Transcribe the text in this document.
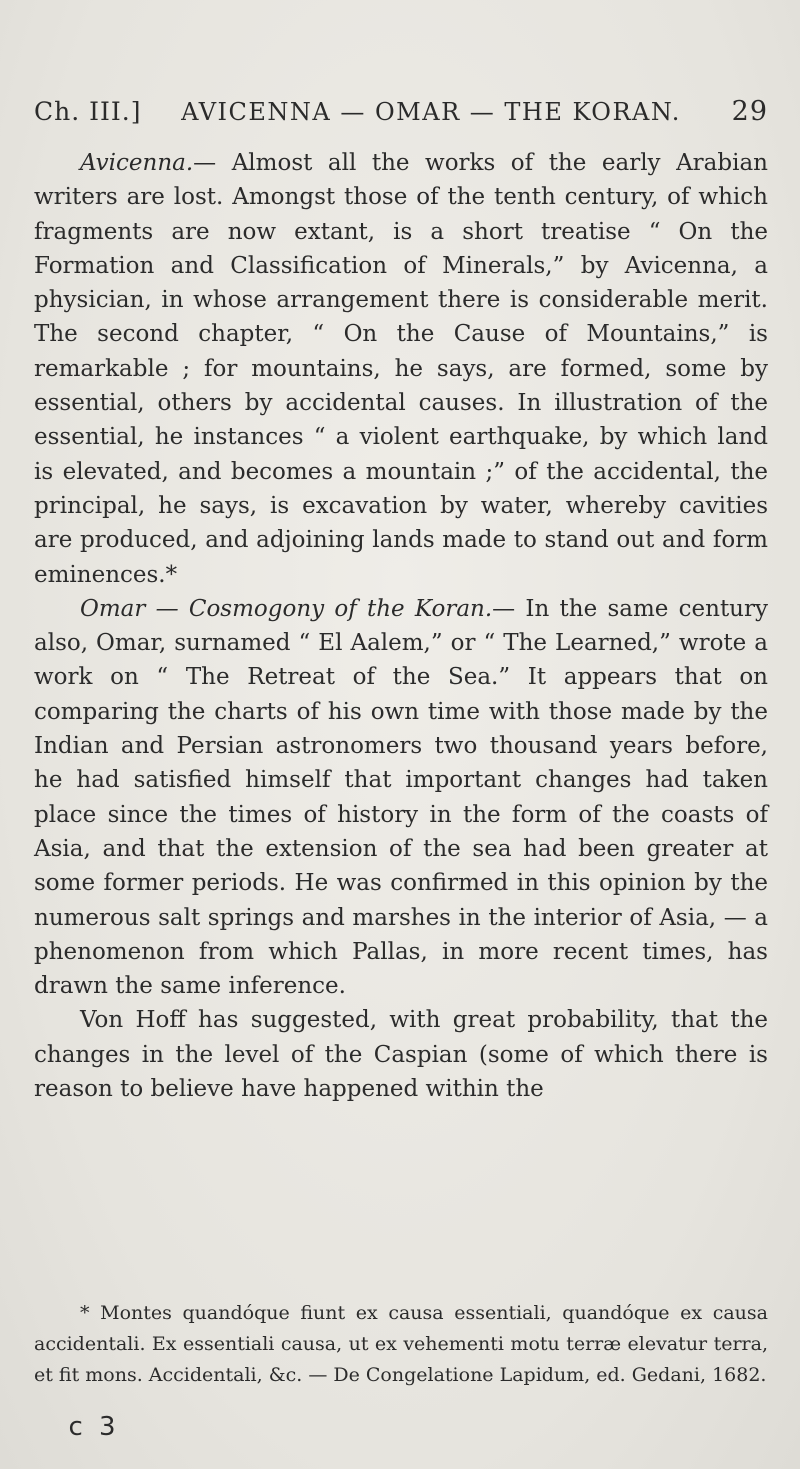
Ch. III.]	AVICENNA — OMAR — THE KORAN.	29

Avicenna.— Almost all the works of the early Arabian writers are lost. Amongst those of the tenth century, of which fragments are now extant, is a short treatise “ On the Formation and Classification of Minerals,” by Avicenna, a physician, in whose arrangement there is considerable merit. The second chapter, “ On the Cause of Mountains,” is remarkable ; for mountains, he says, are formed, some by essential, others by accidental causes. In illustration of the essential, he instances “ a violent earthquake, by which land is elevated, and becomes a mountain ;” of the accidental, the principal, he says, is excavation by water, whereby cavities are produced, and adjoining lands made to stand out and form eminences.*

Omar — Cosmogony of the Koran.— In the same century also, Omar, surnamed “ El Aalem,” or “ The Learned,” wrote a work on “ The Retreat of the Sea.” It appears that on comparing the charts of his own time with those made by the Indian and Persian astronomers two thousand years before, he had satisfied himself that important changes had taken place since the times of history in the form of the coasts of Asia, and that the extension of the sea had been greater at some former periods. He was confirmed in this opinion by the numerous salt springs and marshes in the interior of Asia, — a phenomenon from which Pallas, in more recent times, has drawn the same inference.

Von Hoff has suggested, with great probability, that the changes in the level of the Caspian (some of which there is reason to believe have happened within the

* Montes quandóque fiunt ex causa essentiali, quandóque ex causa accidentali. Ex essentiali causa, ut ex vehementi motu terræ elevatur terra, et fit mons. Accidentali, &c. — De Congelatione Lapidum, ed. Gedani, 1682.

c 3
